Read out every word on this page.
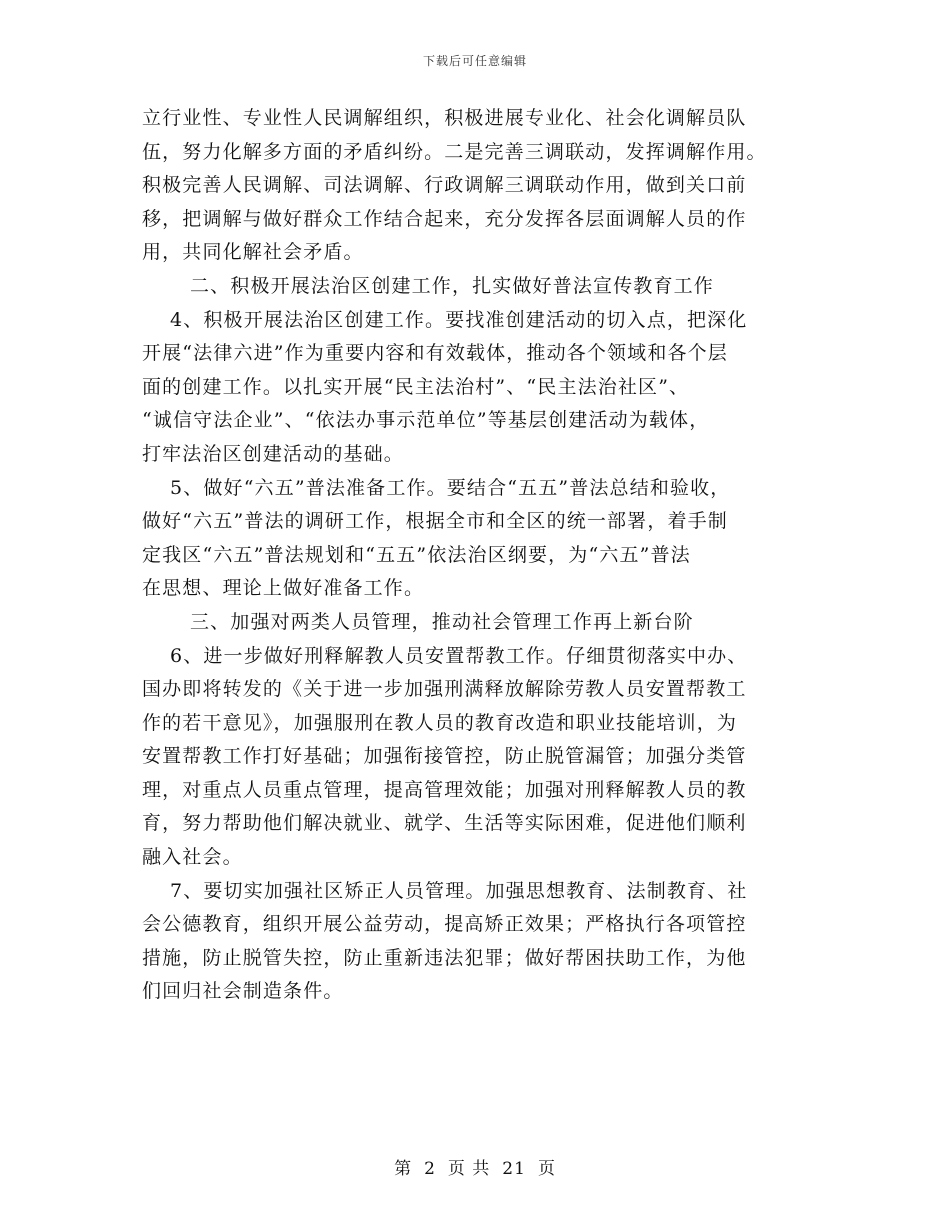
下载后可任意编辑
立行业性、专业性人民调解组织，积极进展专业化、社会化调解员队
伍，努力化解多方面的矛盾纠纷。二是完善三调联动，发挥调解作用。
积极完善人民调解、司法调解、行政调解三调联动作用，做到关口前
移，把调解与做好群众工作结合起来，充分发挥各层面调解人员的作
用，共同化解社会矛盾。
二、积极开展法治区创建工作，扎实做好普法宣传教育工作
4、积极开展法治区创建工作。要找准创建活动的切入点，把深化
开展“法律六进”作为重要内容和有效载体，推动各个领域和各个层
面的创建工作。以扎实开展“民主法治村”、“民主法治社区”、
“诚信守法企业”、“依法办事示范单位”等基层创建活动为载体，
打牢法治区创建活动的基础。
5、做好“六五”普法准备工作。要结合“五五”普法总结和验收，
做好“六五”普法的调研工作，根据全市和全区的统一部署，着手制
定我区“六五”普法规划和“五五”依法治区纲要，为“六五”普法
在思想、理论上做好准备工作。
三、加强对两类人员管理，推动社会管理工作再上新台阶
6、进一步做好刑释解教人员安置帮教工作。仔细贯彻落实中办、
国办即将转发的《关于进一步加强刑满释放解除劳教人员安置帮教工
作的若干意见》，加强服刑在教人员的教育改造和职业技能培训，为
安置帮教工作打好基础；加强衔接管控，防止脱管漏管；加强分类管
理，对重点人员重点管理，提高管理效能；加强对刑释解教人员的教
育，努力帮助他们解决就业、就学、生活等实际困难，促进他们顺利
融入社会。
7、要切实加强社区矫正人员管理。加强思想教育、法制教育、社
会公德教育，组织开展公益劳动，提高矫正效果；严格执行各项管控
措施，防止脱管失控，防止重新违法犯罪；做好帮困扶助工作，为他
们回归社会制造条件。
第 2 页 共 21 页
